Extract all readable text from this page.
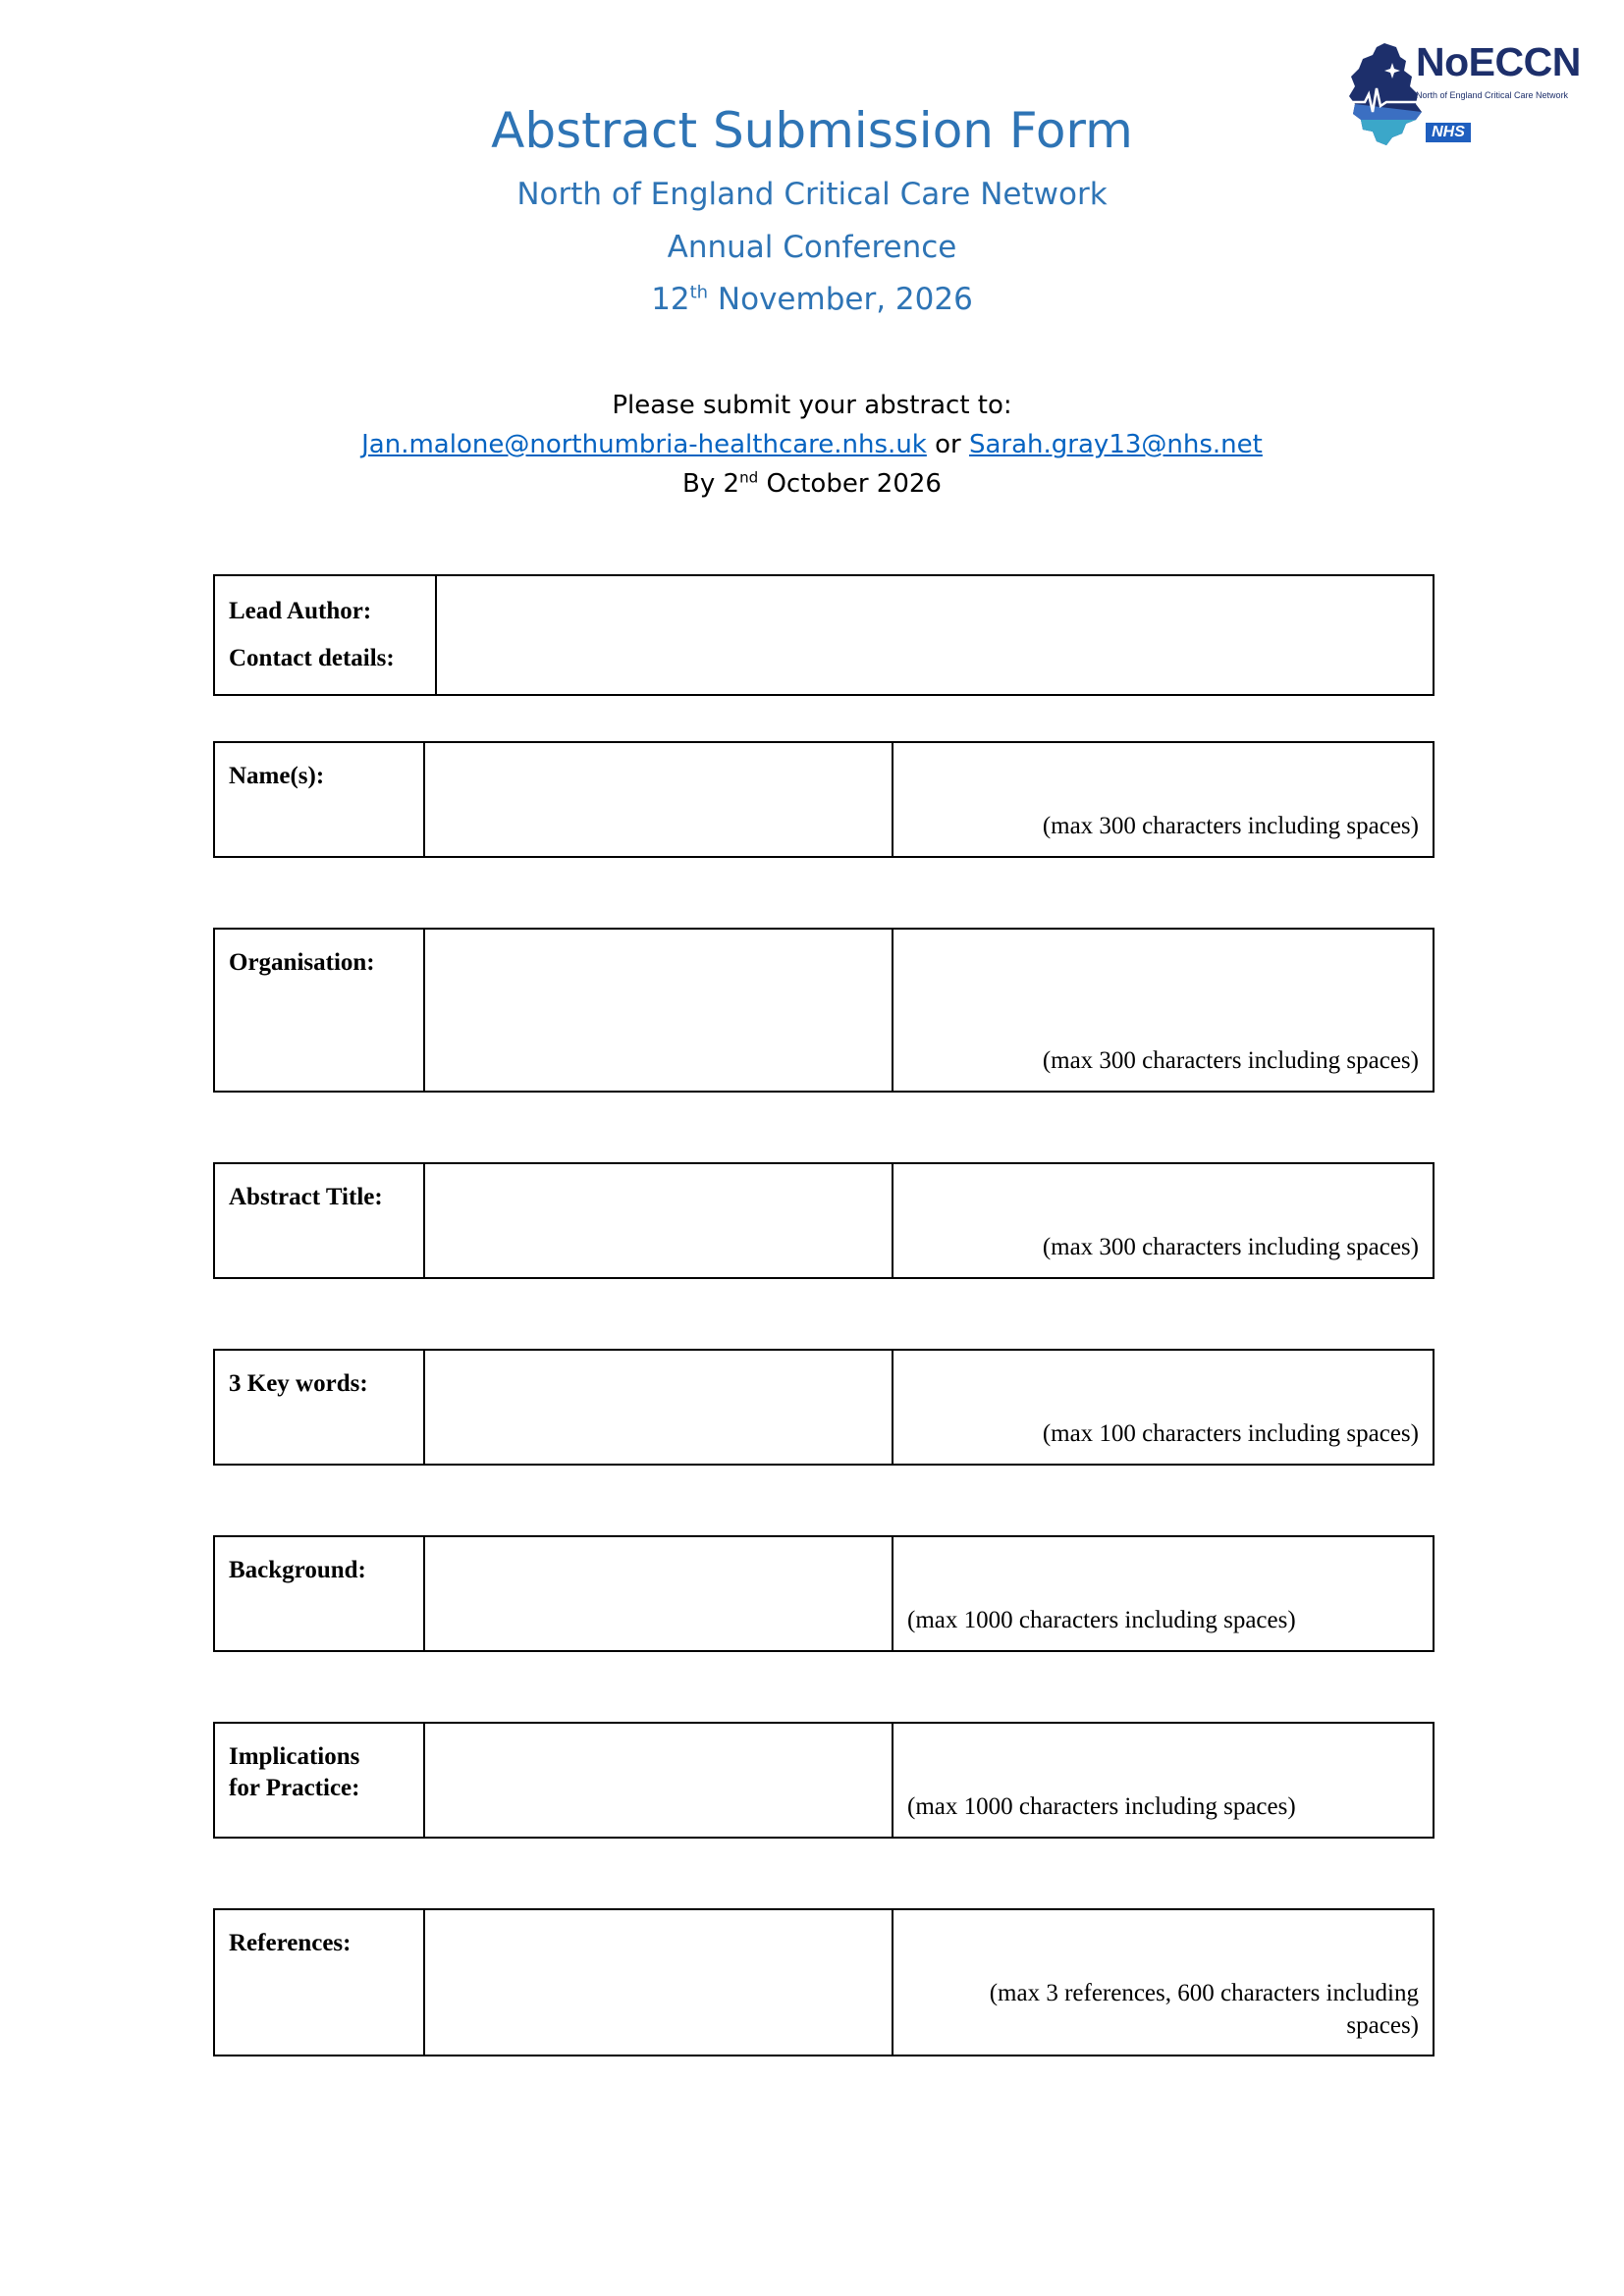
NoECCN
North of England Critical Care Network
NHS
Abstract Submission Form
North of England Critical Care Network
Annual Conference
12th November, 2026
Please submit your abstract to:
Jan.malone@northumbria-healthcare.nhs.uk or Sarah.gray13@nhs.net
By 2nd October 2026
Lead Author:
Contact details:
Name(s):
(max 300 characters including spaces)
Organisation:
(max 300 characters including spaces)
Abstract Title:
(max 300 characters including spaces)
3 Key words:
(max 100 characters including spaces)
Background:
(max 1000 characters including spaces)
Implications
for Practice:
(max 1000 characters including spaces)
References:
(max 3 references, 600 characters including
spaces)
